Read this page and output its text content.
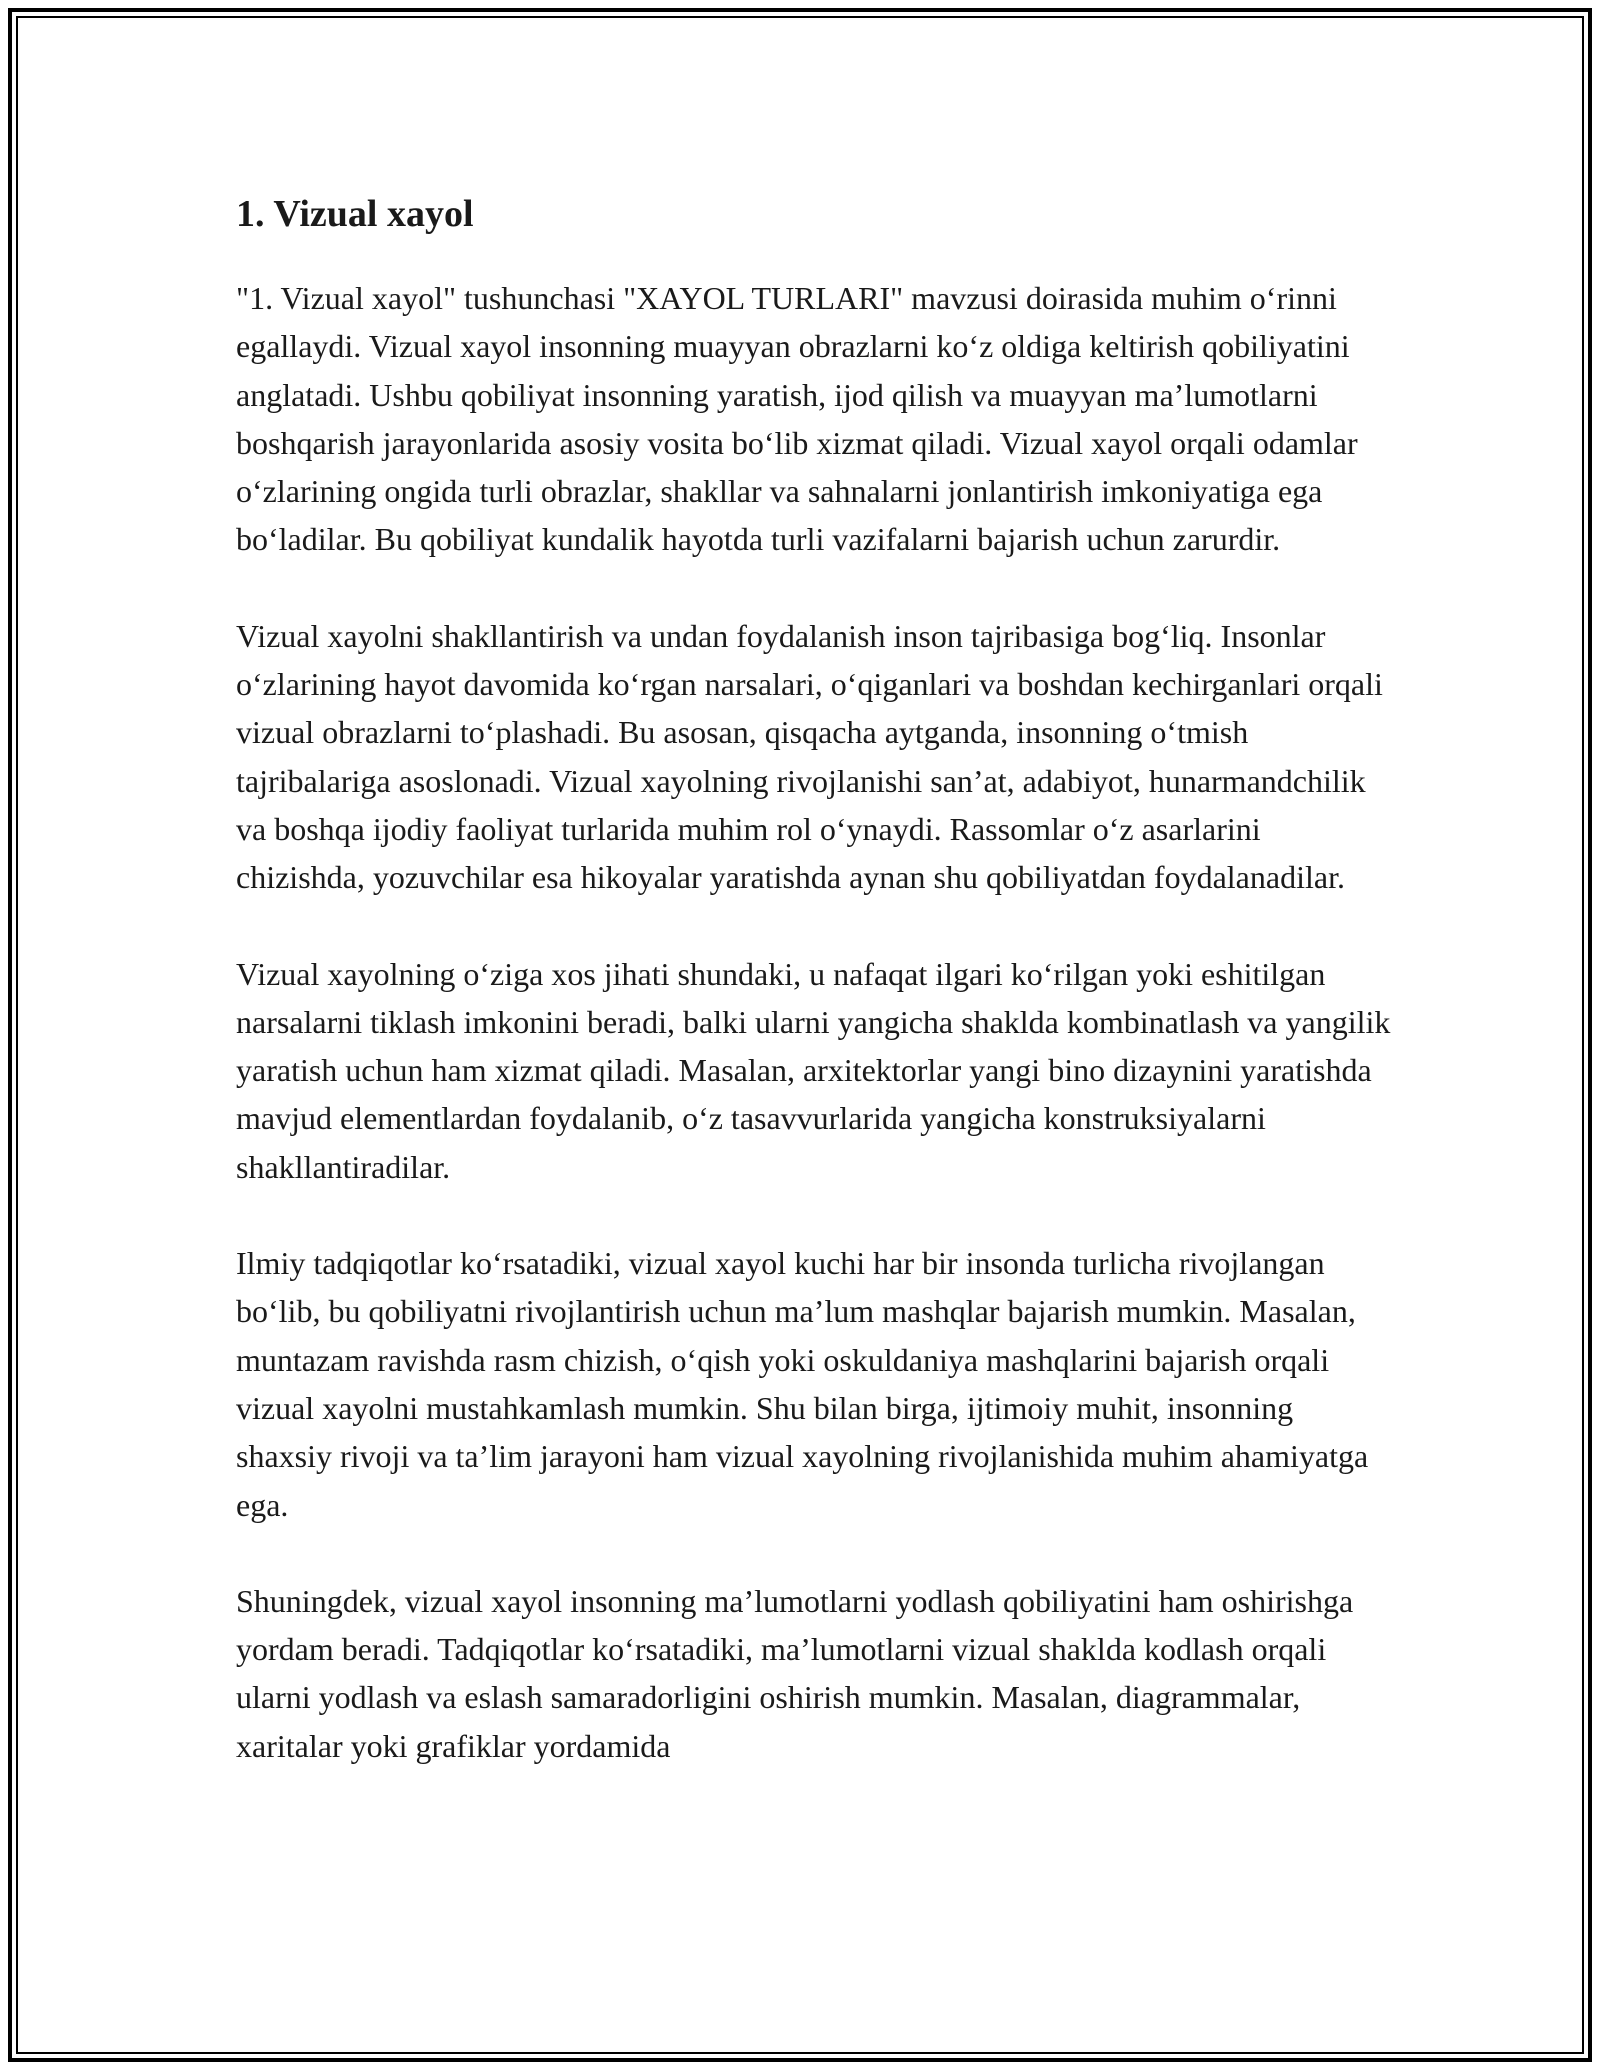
1. Vizual xayol

"1. Vizual xayol" tushunchasi "XAYOL TURLARI" mavzusi doirasida muhim oʻrinni egallaydi. Vizual xayol insonning muayyan obrazlarni koʻz oldiga keltirish qobiliyatini anglatadi. Ushbu qobiliyat insonning yaratish, ijod qilish va muayyan maʼlumotlarni boshqarish jarayonlarida asosiy vosita boʻlib xizmat qiladi. Vizual xayol orqali odamlar oʻzlarining ongida turli obrazlar, shakllar va sahnalarni jonlantirish imkoniyatiga ega boʻladilar. Bu qobiliyat kundalik hayotda turli vazifalarni bajarish uchun zarurdir.

Vizual xayolni shakllantirish va undan foydalanish inson tajribasiga bogʻliq. Insonlar oʻzlarining hayot davomida koʻrgan narsalari, oʻqiganlari va boshdan kechirganlari orqali vizual obrazlarni toʻplashadi. Bu asosan, qisqacha aytganda, insonning oʻtmish tajribalariga asoslonadi. Vizual xayolning rivojlanishi sanʼat, adabiyot, hunarmandchilik va boshqa ijodiy faoliyat turlarida muhim rol oʻynaydi. Rassomlar oʻz asarlarini chizishda, yozuvchilar esa hikoyalar yaratishda aynan shu qobiliyatdan foydalanadilar.

Vizual xayolning oʻziga xos jihati shundaki, u nafaqat ilgari koʻrilgan yoki eshitilgan narsalarni tiklash imkonini beradi, balki ularni yangicha shaklda kombinatlash va yangilik yaratish uchun ham xizmat qiladi. Masalan, arxitektorlar yangi bino dizaynini yaratishda mavjud elementlardan foydalanib, oʻz tasavvurlarida yangicha konstruksiyalarni shakllantiradilar.

Ilmiy tadqiqotlar koʻrsatadiki, vizual xayol kuchi har bir insonda turlicha rivojlangan boʻlib, bu qobiliyatni rivojlantirish uchun maʼlum mashqlar bajarish mumkin. Masalan, muntazam ravishda rasm chizish, oʻqish yoki oskuldaniya mashqlarini bajarish orqali vizual xayolni mustahkamlash mumkin. Shu bilan birga, ijtimoiy muhit, insonning shaxsiy rivoji va taʼlim jarayoni ham vizual xayolning rivojlanishida muhim ahamiyatga ega.

Shuningdek, vizual xayol insonning maʼlumotlarni yodlash qobiliyatini ham oshirishga yordam beradi. Tadqiqotlar koʻrsatadiki, maʼlumotlarni vizual shaklda kodlash orqali ularni yodlash va eslash samaradorligini oshirish mumkin. Masalan, diagrammalar, xaritalar yoki grafiklar yordamida
